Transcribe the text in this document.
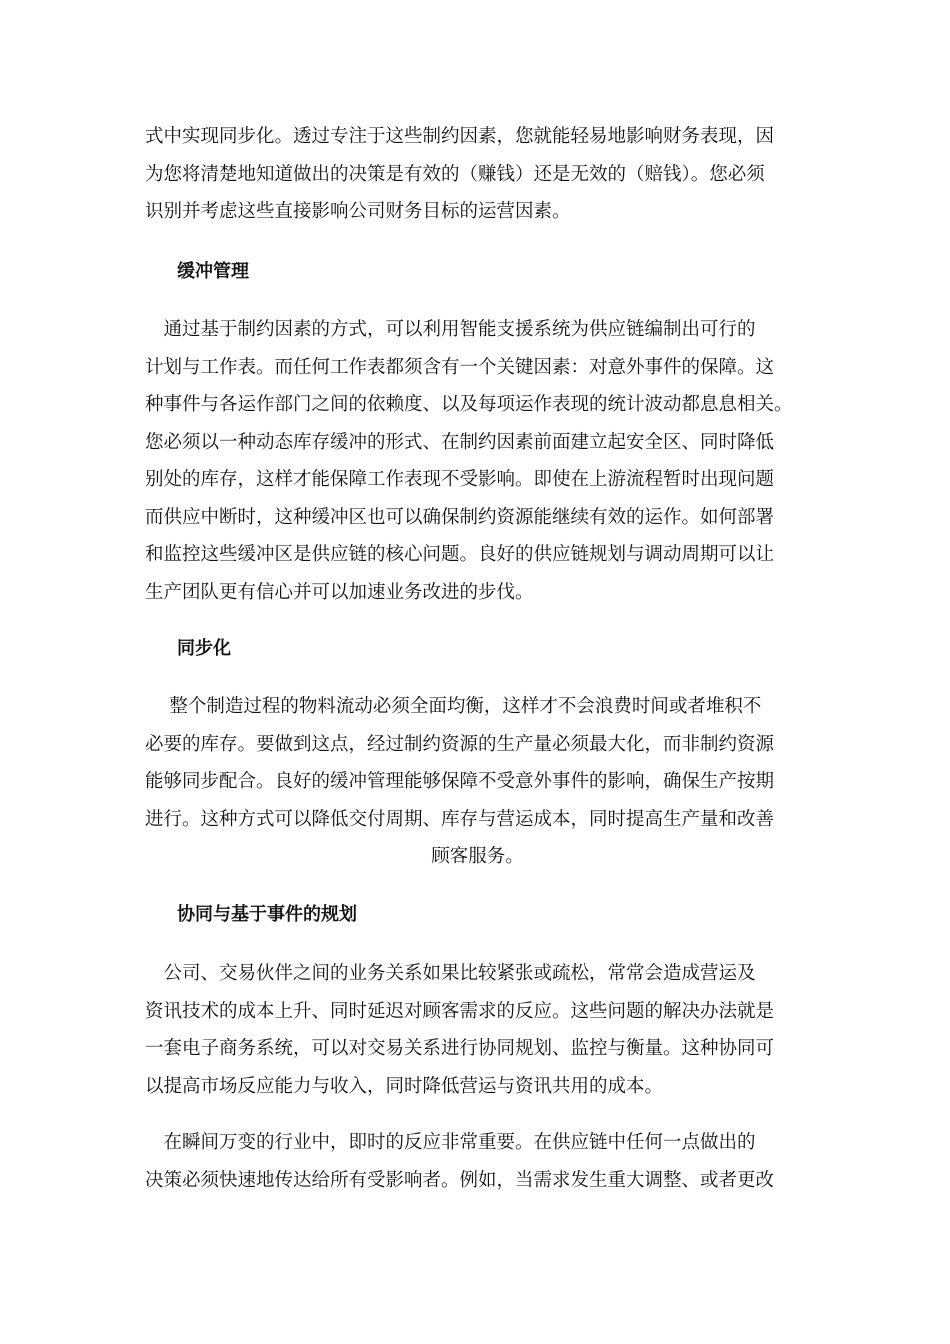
式中实现同步化。透过专注于这些制约因素，您就能轻易地影响财务表现，因
为您将清楚地知道做出的决策是有效的（赚钱）还是无效的（赔钱）。您必须
识别并考虑这些直接影响公司财务目标的运营因素。
缓冲管理
　通过基于制约因素的方式，可以利用智能支援系统为供应链编制出可行的
计划与工作表。而任何工作表都须含有一个关键因素：对意外事件的保障。这
种事件与各运作部门之间的依赖度、以及每项运作表现的统计波动都息息相关。
您必须以一种动态库存缓冲的形式、在制约因素前面建立起安全区、同时降低
别处的库存，这样才能保障工作表现不受影响。即使在上游流程暂时出现问题
而供应中断时，这种缓冲区也可以确保制约资源能继续有效的运作。如何部署
和监控这些缓冲区是供应链的核心问题。良好的供应链规划与调动周期可以让
生产团队更有信心并可以加速业务改进的步伐。
同步化
　 整个制造过程的物料流动必须全面均衡，这样才不会浪费时间或者堆积不
必要的库存。要做到这点，经过制约资源的生产量必须最大化，而非制约资源
能够同步配合。良好的缓冲管理能够保障不受意外事件的影响，确保生产按期
进行。这种方式可以降低交付周期、库存与营运成本，同时提高生产量和改善
顾客服务。
协同与基于事件的规划
　公司、交易伙伴之间的业务关系如果比较紧张或疏松，常常会造成营运及
资讯技术的成本上升、同时延迟对顾客需求的反应。这些问题的解决办法就是
一套电子商务系统，可以对交易关系进行协同规划、监控与衡量。这种协同可
以提高市场反应能力与收入，同时降低营运与资讯共用的成本。
　在瞬间万变的行业中，即时的反应非常重要。在供应链中任何一点做出的
决策必须快速地传达给所有受影响者。例如，当需求发生重大调整、或者更改
